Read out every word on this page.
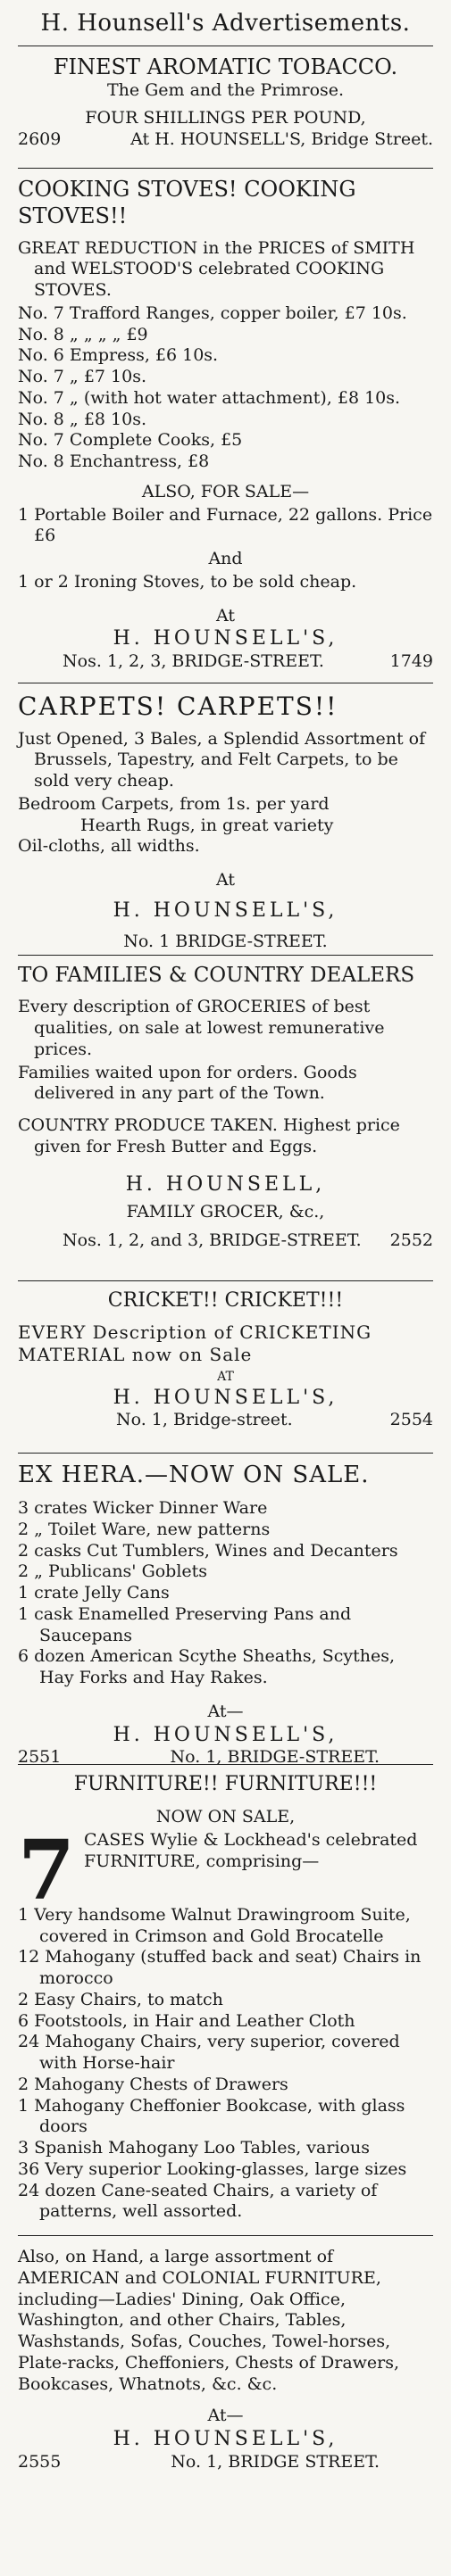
H. Hounsell's Advertisements.
FINEST AROMATIC TOBACCO.
The Gem and the Primrose.
FOUR SHILLINGS PER POUND,
2609	At H. HOUNSELL'S, Bridge Street.
COOKING STOVES! COOKING STOVES!!

GREAT REDUCTION in the PRICES of SMITH and WELSTOOD'S celebrated COOKING STOVES.

No. 7 Trafford Ranges, copper boiler, £7 10s.
No. 8 „ „ „ „ £9
No. 6 Empress, £6 10s.
No. 7 „ £7 10s.
No. 7 „ (with hot water attachment), £8 10s.
No. 8 „ £8 10s.
No. 7 Complete Cooks, £5
No. 8 Enchantress, £8
ALSO, FOR SALE—

1 Portable Boiler and Furnace, 22 gallons. Price £6

And

1 or 2 Ironing Stoves, to be sold cheap.

At
H. HOUNSELL'S,
Nos. 1, 2, 3, BRIDGE-STREET.	1749
CARPETS! CARPETS!!

Just Opened, 3 Bales, a Splendid Assortment of Brussels, Tapestry, and Felt Carpets, to be sold very cheap.

Bedroom Carpets, from 1s. per yard
Hearth Rugs, in great variety
Oil-cloths, all widths.
At
H. HOUNSELL'S,
No. 1 BRIDGE-STREET.
TO FAMILIES & COUNTRY DEALERS

Every description of GROCERIES of best qualities, on sale at lowest remunerative prices.

Families waited upon for orders. Goods delivered in any part of the Town.

COUNTRY PRODUCE TAKEN. Highest price given for Fresh Butter and Eggs.

H. HOUNSELL,
FAMILY GROCER, &c.,
Nos. 1, 2, and 3, BRIDGE-STREET. 2552
CRICKET!! CRICKET!!!

EVERY Description of CRICKETING MATERIAL now on Sale

AT
H. HOUNSELL'S,
No. 1, Bridge-street.	2554
EX HERA.—NOW ON SALE.
3 crates Wicker Dinner Ware
2 „ Toilet Ware, new patterns
2 casks Cut Tumblers, Wines and Decanters
2 „ Publicans' Goblets
1 crate Jelly Cans
1 cask Enamelled Preserving Pans and Saucepans
6 dozen American Scythe Sheaths, Scythes, Hay Forks and Hay Rakes.
At—
H. HOUNSELL'S,
2551	No. 1, BRIDGE-STREET.
FURNITURE!! FURNITURE!!!
NOW ON SALE,
7 CASES Wylie & Lockhead's celebrated FURNITURE, comprising—

1 Very handsome Walnut Drawingroom Suite, covered in Crimson and Gold Brocatelle
12 Mahogany (stuffed back and seat) Chairs in morocco
2 Easy Chairs, to match
6 Footstools, in Hair and Leather Cloth
24 Mahogany Chairs, very superior, covered with Horse-hair
2 Mahogany Chests of Drawers
1 Mahogany Cheffonier Bookcase, with glass doors
3 Spanish Mahogany Loo Tables, various
36 Very superior Looking-glasses, large sizes
24 dozen Cane-seated Chairs, a variety of patterns, well assorted.

Also, on Hand, a large assortment of AMERICAN and COLONIAL FURNITURE, including—Ladies' Dining, Oak Office, Washington, and other Chairs, Tables, Washstands, Sofas, Couches, Towel-horses, Plate-racks, Cheffoniers, Chests of Drawers, Bookcases, Whatnots, &c. &c.

At—
H. HOUNSELL'S,
2555	No. 1, BRIDGE STREET.
